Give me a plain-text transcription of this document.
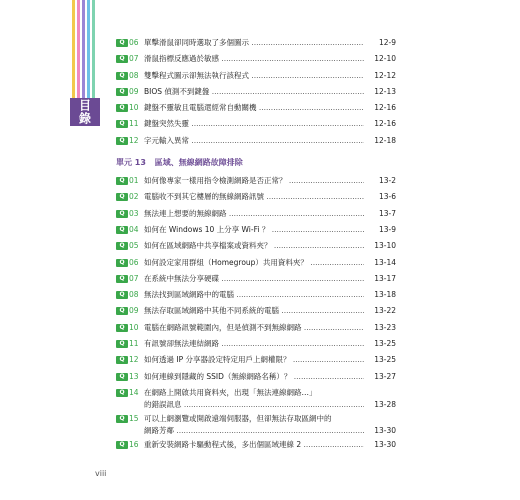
目錄
Q 06 單擊滑鼠卻同時選取了多個圖示 .....	12-9
Q 07 滑鼠指標反應過於敏感 .....	12-10
Q 08 雙擊程式圖示卻無法執行該程式 .....	12-12
Q 09 BIOS 偵測不到鍵盤 .....	12-13
Q 10 鍵盤不靈敏且電腦還經常自動關機 .....	12-16
Q 11 鍵盤突然失靈 .....	12-16
Q 12 字元輸入異常 .....	12-18
單元 13 區域、無線網路故障排除
Q 01 如何像專家一樣用指令檢測網路是否正常？ .....	13-2
Q 02 電腦收不到其它樓層的無線網路訊號 .....	13-6
Q 03 無法連上想要的無線網路 .....	13-7
Q 04 如何在 Windows 10 上分享 Wi-Fi ？ .....	13-9
Q 05 如何在區域網路中共享檔案或資料夾？ .....	13-10
Q 06 如何設定家用群組（Homegroup）共用資料夾？ .....	13-14
Q 07 在系統中無法分享硬碟 .....	13-17
Q 08 無法找到區域網路中的電腦 .....	13-18
Q 09 無法存取區域網路中其他不同系統的電腦 .....	13-22
Q 10 電腦在網路訊號範圍內，但是偵測不到無線網路 .....	13-23
Q 11 有訊號卻無法連結網路 .....	13-25
Q 12 如何透過 IP 分享器設定特定用戶上網權限？ .....	13-25
Q 13 如何連線到隱藏的 SSID（無線網路名稱）？ .....	13-27
Q 14 在網路上開啟共用資料夾，出現「無法連線網路…」
的錯誤訊息 .....	13-28
Q 15 可以上網瀏覽或開啟遠端伺服器，但卻無法存取區網中的
網路芳鄰 .....	13-30
Q 16 重新安裝網路卡驅動程式後，多出個區域連線 2 .....	13-30
viii
